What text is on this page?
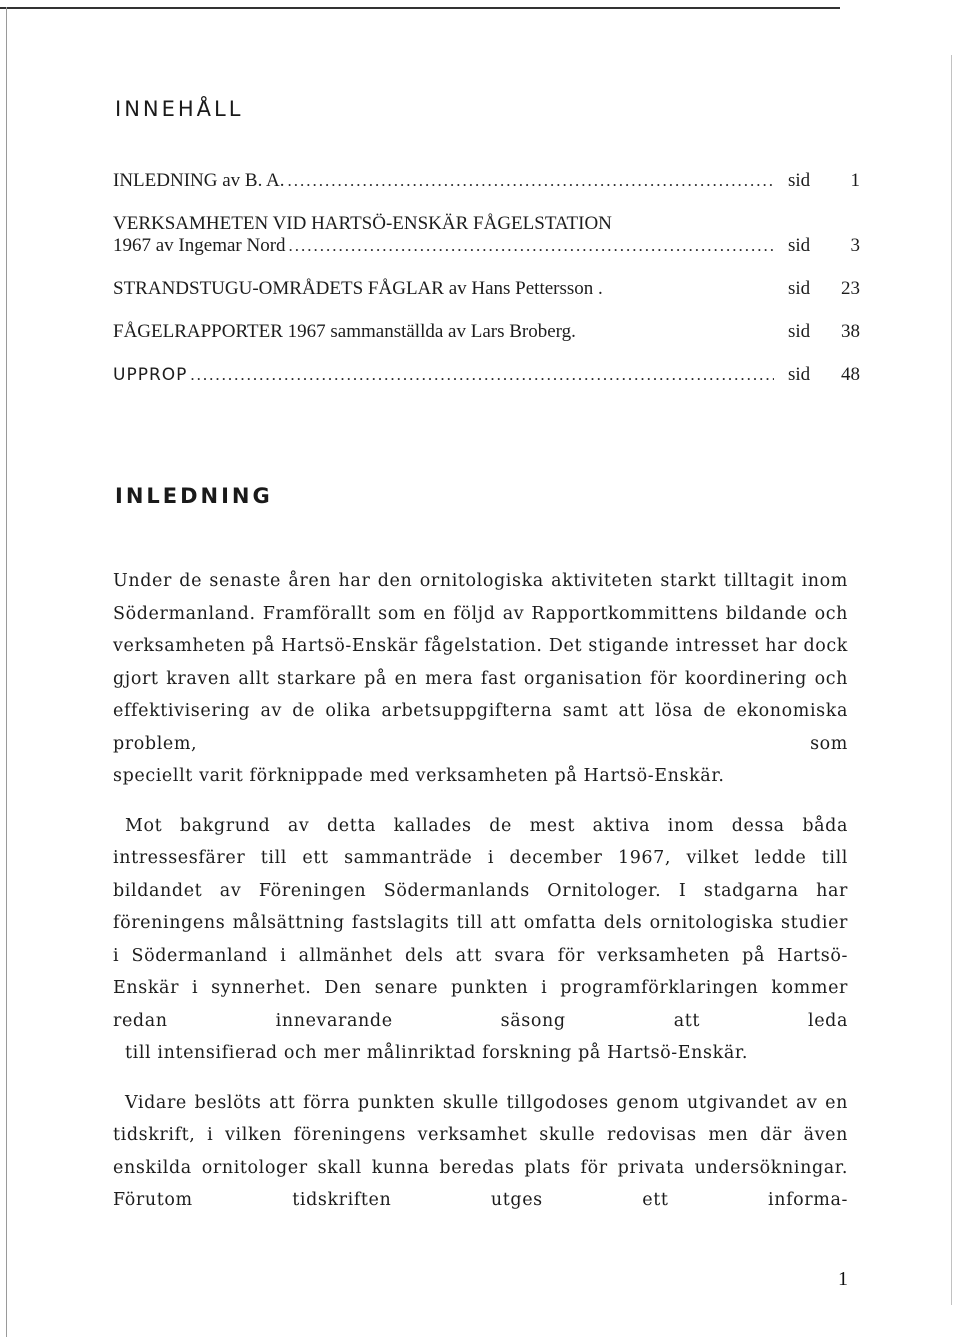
INNEHÅLL
INLEDNING av B. A. .....	sid 1
VERKSAMHETEN VID HARTSÖ-ENSKÄR FÅGELSTATION
1967 av Ingemar Nord .....	sid 3
STRANDSTUGU-OMRÅDETS FÅGLAR av Hans Pettersson .	sid 23
FÅGELRAPPORTER 1967 sammanställda av Lars Broberg.	sid 38
UPPROP .....	sid 48
INLEDNING

Under de senaste åren har den ornitologiska aktiviteten starkt tilltagit inom Södermanland. Framförallt som en följd av Rapportkommittens bildande och verksamheten på Hartsö-Enskär fågelstation. Det stigande intresset har dock gjort kraven allt starkare på en mera fast organisation för koordinering och effektivisering av de olika arbetsuppgifterna samt att lösa de ekonomiska problem, som
speciellt varit förknippade med verksamheten på Hartsö-Enskär.

Mot bakgrund av detta kallades de mest aktiva inom dessa båda intressesfärer till ett sammanträde i december 1967, vilket ledde till bildandet av Föreningen Södermanlands Ornitologer. I stadgarna har föreningens målsättning fastslagits till att omfatta dels ornitologiska studier i Södermanland i allmänhet dels att svara för verksamheten på Hartsö-Enskär i synnerhet. Den senare punkten i programförklaringen kommer redan innevarande säsong att leda
till intensifierad och mer målinriktad forskning på Hartsö-Enskär.

Vidare beslöts att förra punkten skulle tillgodoses genom utgivandet av en tidskrift, i vilken föreningens verksamhet skulle redovisas men där även enskilda ornitologer skall kunna beredas plats för privata undersökningar. Förutom tidskriften utges ett informa-

1
